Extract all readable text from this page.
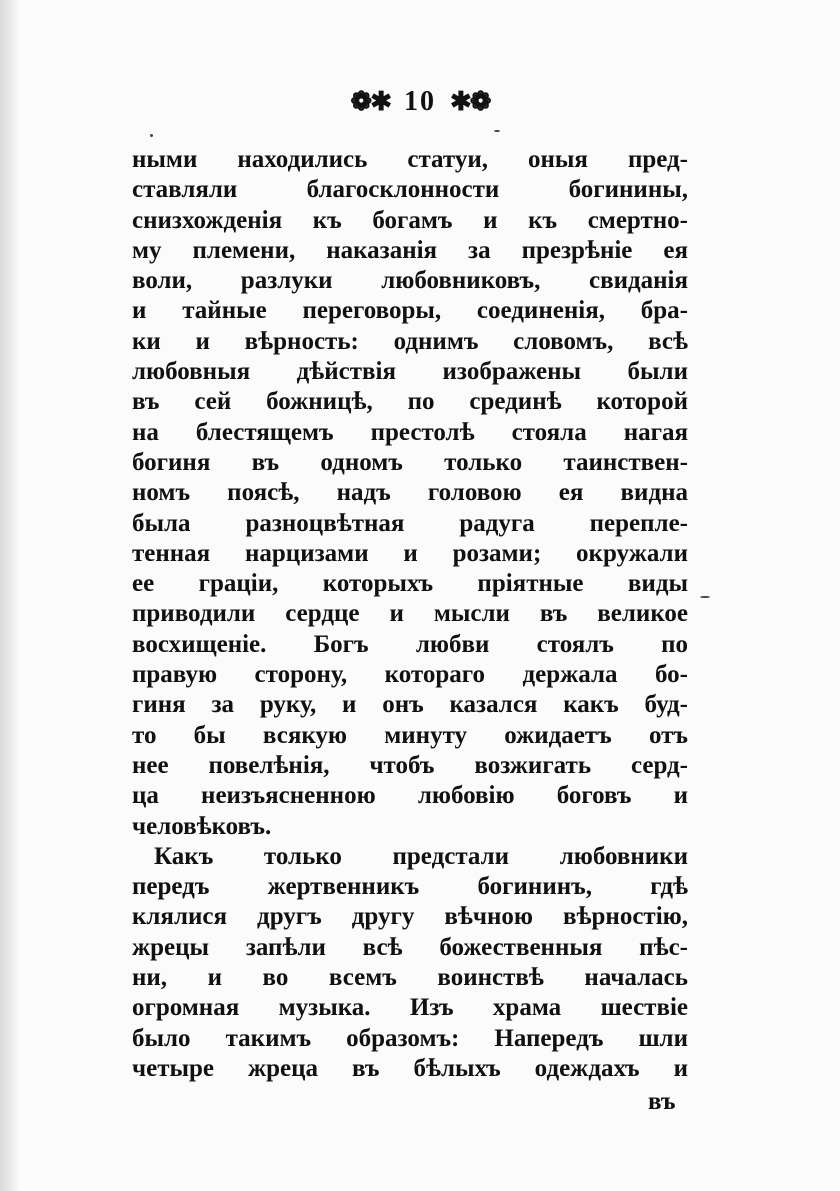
❁✱ 10 ✱❁
ными находились статуи, оныя пред-
ставляли благосклонности богинины,
снизхожденія къ богамъ и къ смертно-
му племени, наказанія за презрѣніе ея
воли, разлуки любовниковъ, свиданія
и тайные переговоры, соединенія, бра-
ки и вѣрность: однимъ словомъ, всѣ
любовныя дѣйствія изображены были
въ сей божницѣ, по срединѣ которой
на блестящемъ престолѣ стояла нагая
богиня въ одномъ только таинствен-
номъ поясѣ, надъ головою ея видна
была разноцвѣтная радуга перепле-
тенная нарцизами и розами; окружали
ее граціи, которыхъ пріятные виды
приводили сердце и мысли въ великое
восхищеніе. Богъ любви стоялъ по
правую сторону, котораго держала бо-
гиня за руку, и онъ казался какъ буд-
то бы всякую минуту ожидаетъ отъ
нее повелѣнія, чтобъ возжигать серд-
ца неизъясненною любовію боговъ и
человѣковъ.
Какъ только предстали любовники
передъ жертвенникъ богининъ, гдѣ
клялися другъ другу вѣчною вѣрностію,
жрецы запѣли всѣ божественныя пѣс-
ни, и во всемъ воинствѣ началась
огромная музыка. Изъ храма шествіе
было такимъ образомъ: Напередъ шли
четыре жреца въ бѣлыхъ одеждахъ и
въ
